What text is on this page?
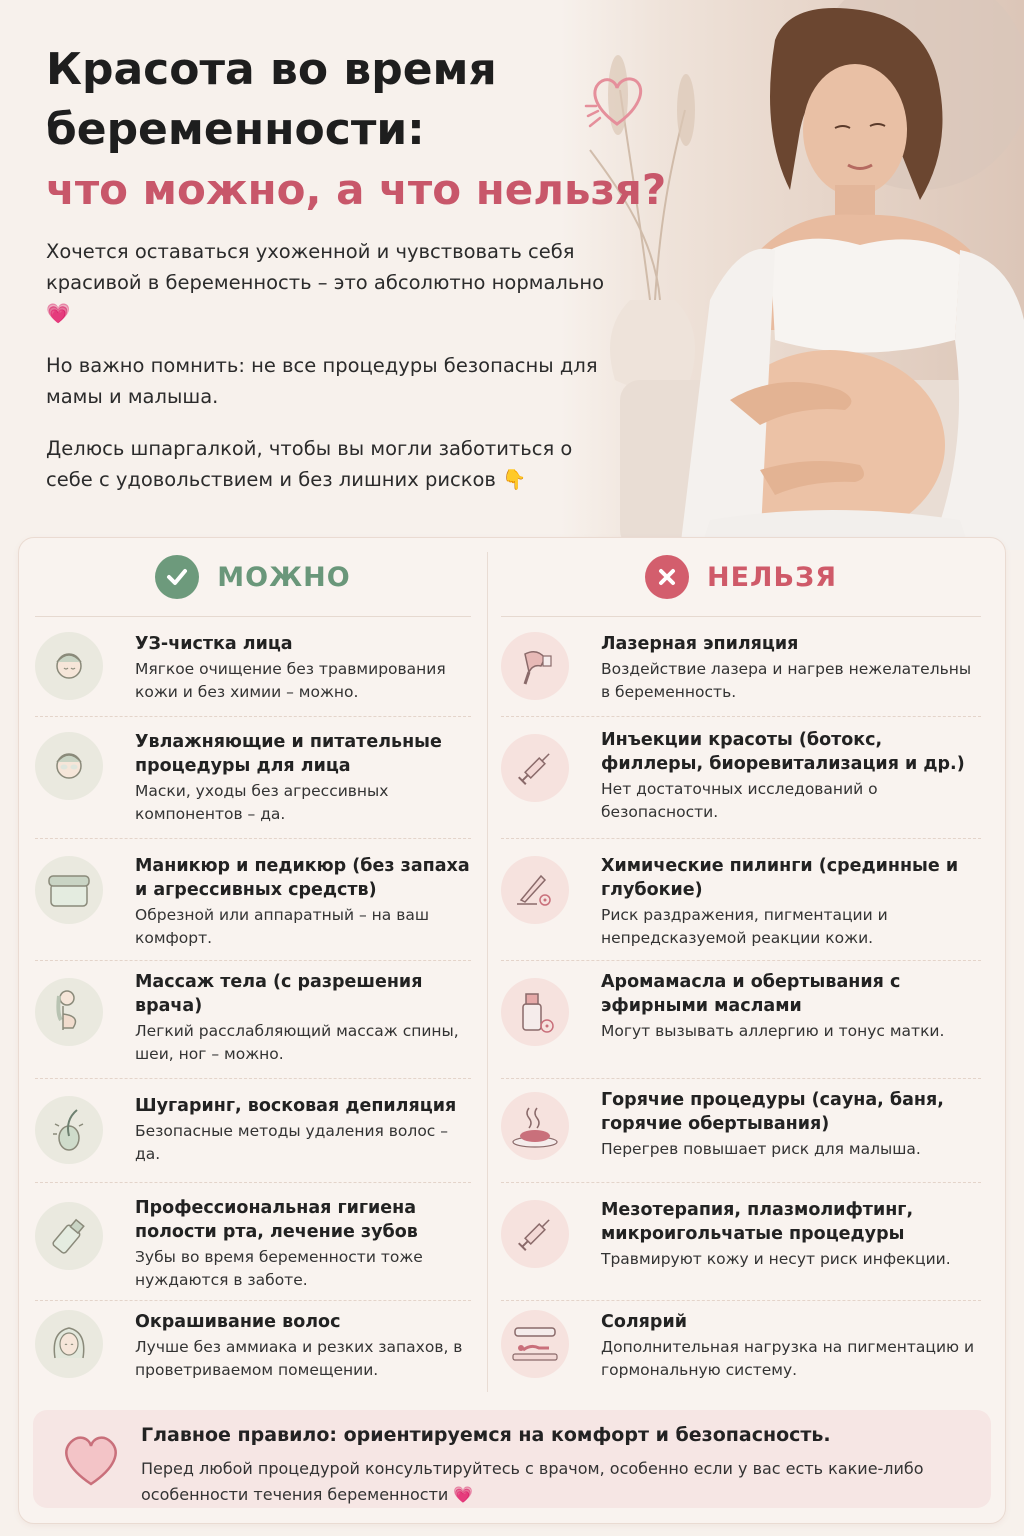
Красота во время
беременности:
что можно, а что нельзя?

Хочется оставаться ухоженной и чувствовать себя красивой в беременность – это абсолютно нормально 💗

Но важно помнить: не все процедуры безопасны для мамы и малыша.

Делюсь шпаргалкой, чтобы вы могли заботиться о себе с удовольствием и без лишних рисков 👇

МОЖНО
УЗ-чистка лица

Мягкое очищение без травмирования кожи и без химии – можно.

Увлажняющие и питательные процедуры для лица

Маски, уходы без агрессивных компонентов – да.

Маникюр и педикюр (без запаха и агрессивных средств)

Обрезной или аппаратный – на ваш комфорт.

Массаж тела (с разрешения врача)

Легкий расслабляющий массаж спины, шеи, ног – можно.

Шугаринг, восковая депиляция

Безопасные методы удаления волос – да.

Профессиональная гигиена полости рта, лечение зубов

Зубы во время беременности тоже нуждаются в заботе.

Окрашивание волос

Лучше без аммиака и резких запахов, в проветриваемом помещении.

НЕЛЬЗЯ
Лазерная эпиляция

Воздействие лазера и нагрев нежелательны в беременность.

Инъекции красоты (ботокс, филлеры, биоревитализация и др.)

Нет достаточных исследований о безопасности.

Химические пилинги (срединные и глубокие)

Риск раздражения, пигментации и непредсказуемой реакции кожи.

Аромамасла и обертывания с эфирными маслами

Могут вызывать аллергию и тонус матки.

Горячие процедуры (сауна, баня, горячие обертывания)

Перегрев повышает риск для малыша.

Мезотерапия, плазмолифтинг, микроигольчатые процедуры

Травмируют кожу и несут риск инфекции.

Солярий

Дополнительная нагрузка на пигментацию и гормональную систему.

Главное правило: ориентируемся на комфорт и безопасность.

Перед любой процедурой консультируйтесь с врачом, особенно если у вас есть какие-либо особенности течения беременности 💗
